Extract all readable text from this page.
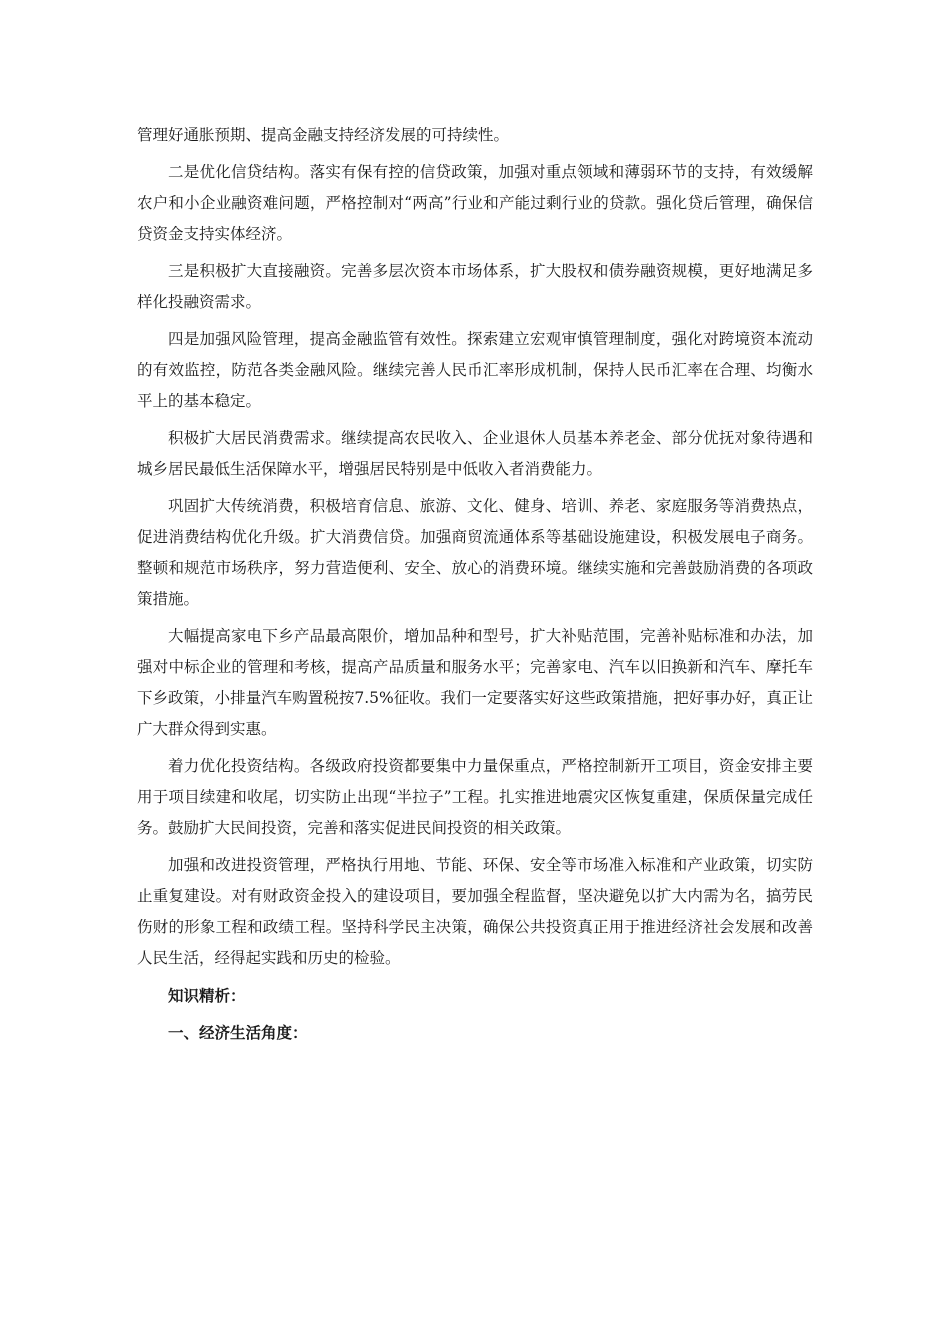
管理好通胀预期、提高金融支持经济发展的可持续性。

二是优化信贷结构。落实有保有控的信贷政策，加强对重点领域和薄弱环节的支持，有效缓解农户和小企业融资难问题，严格控制对“两高”行业和产能过剩行业的贷款。强化贷后管理，确保信贷资金支持实体经济。

三是积极扩大直接融资。完善多层次资本市场体系，扩大股权和债券融资规模，更好地满足多样化投融资需求。

四是加强风险管理，提高金融监管有效性。探索建立宏观审慎管理制度，强化对跨境资本流动的有效监控，防范各类金融风险。继续完善人民币汇率形成机制，保持人民币汇率在合理、均衡水平上的基本稳定。

积极扩大居民消费需求。继续提高农民收入、企业退休人员基本养老金、部分优抚对象待遇和城乡居民最低生活保障水平，增强居民特别是中低收入者消费能力。

巩固扩大传统消费，积极培育信息、旅游、文化、健身、培训、养老、家庭服务等消费热点，促进消费结构优化升级。扩大消费信贷。加强商贸流通体系等基础设施建设，积极发展电子商务。整顿和规范市场秩序，努力营造便利、安全、放心的消费环境。继续实施和完善鼓励消费的各项政策措施。

大幅提高家电下乡产品最高限价，增加品种和型号，扩大补贴范围，完善补贴标准和办法，加强对中标企业的管理和考核，提高产品质量和服务水平；完善家电、汽车以旧换新和汽车、摩托车下乡政策，小排量汽车购置税按7.5%征收。我们一定要落实好这些政策措施，把好事办好，真正让广大群众得到实惠。

着力优化投资结构。各级政府投资都要集中力量保重点，严格控制新开工项目，资金安排主要用于项目续建和收尾，切实防止出现“半拉子”工程。扎实推进地震灾区恢复重建，保质保量完成任务。鼓励扩大民间投资，完善和落实促进民间投资的相关政策。

加强和改进投资管理，严格执行用地、节能、环保、安全等市场准入标准和产业政策，切实防止重复建设。对有财政资金投入的建设项目，要加强全程监督，坚决避免以扩大内需为名，搞劳民伤财的形象工程和政绩工程。坚持科学民主决策，确保公共投资真正用于推进经济社会发展和改善人民生活，经得起实践和历史的检验。

知识精析：

一、经济生活角度：
